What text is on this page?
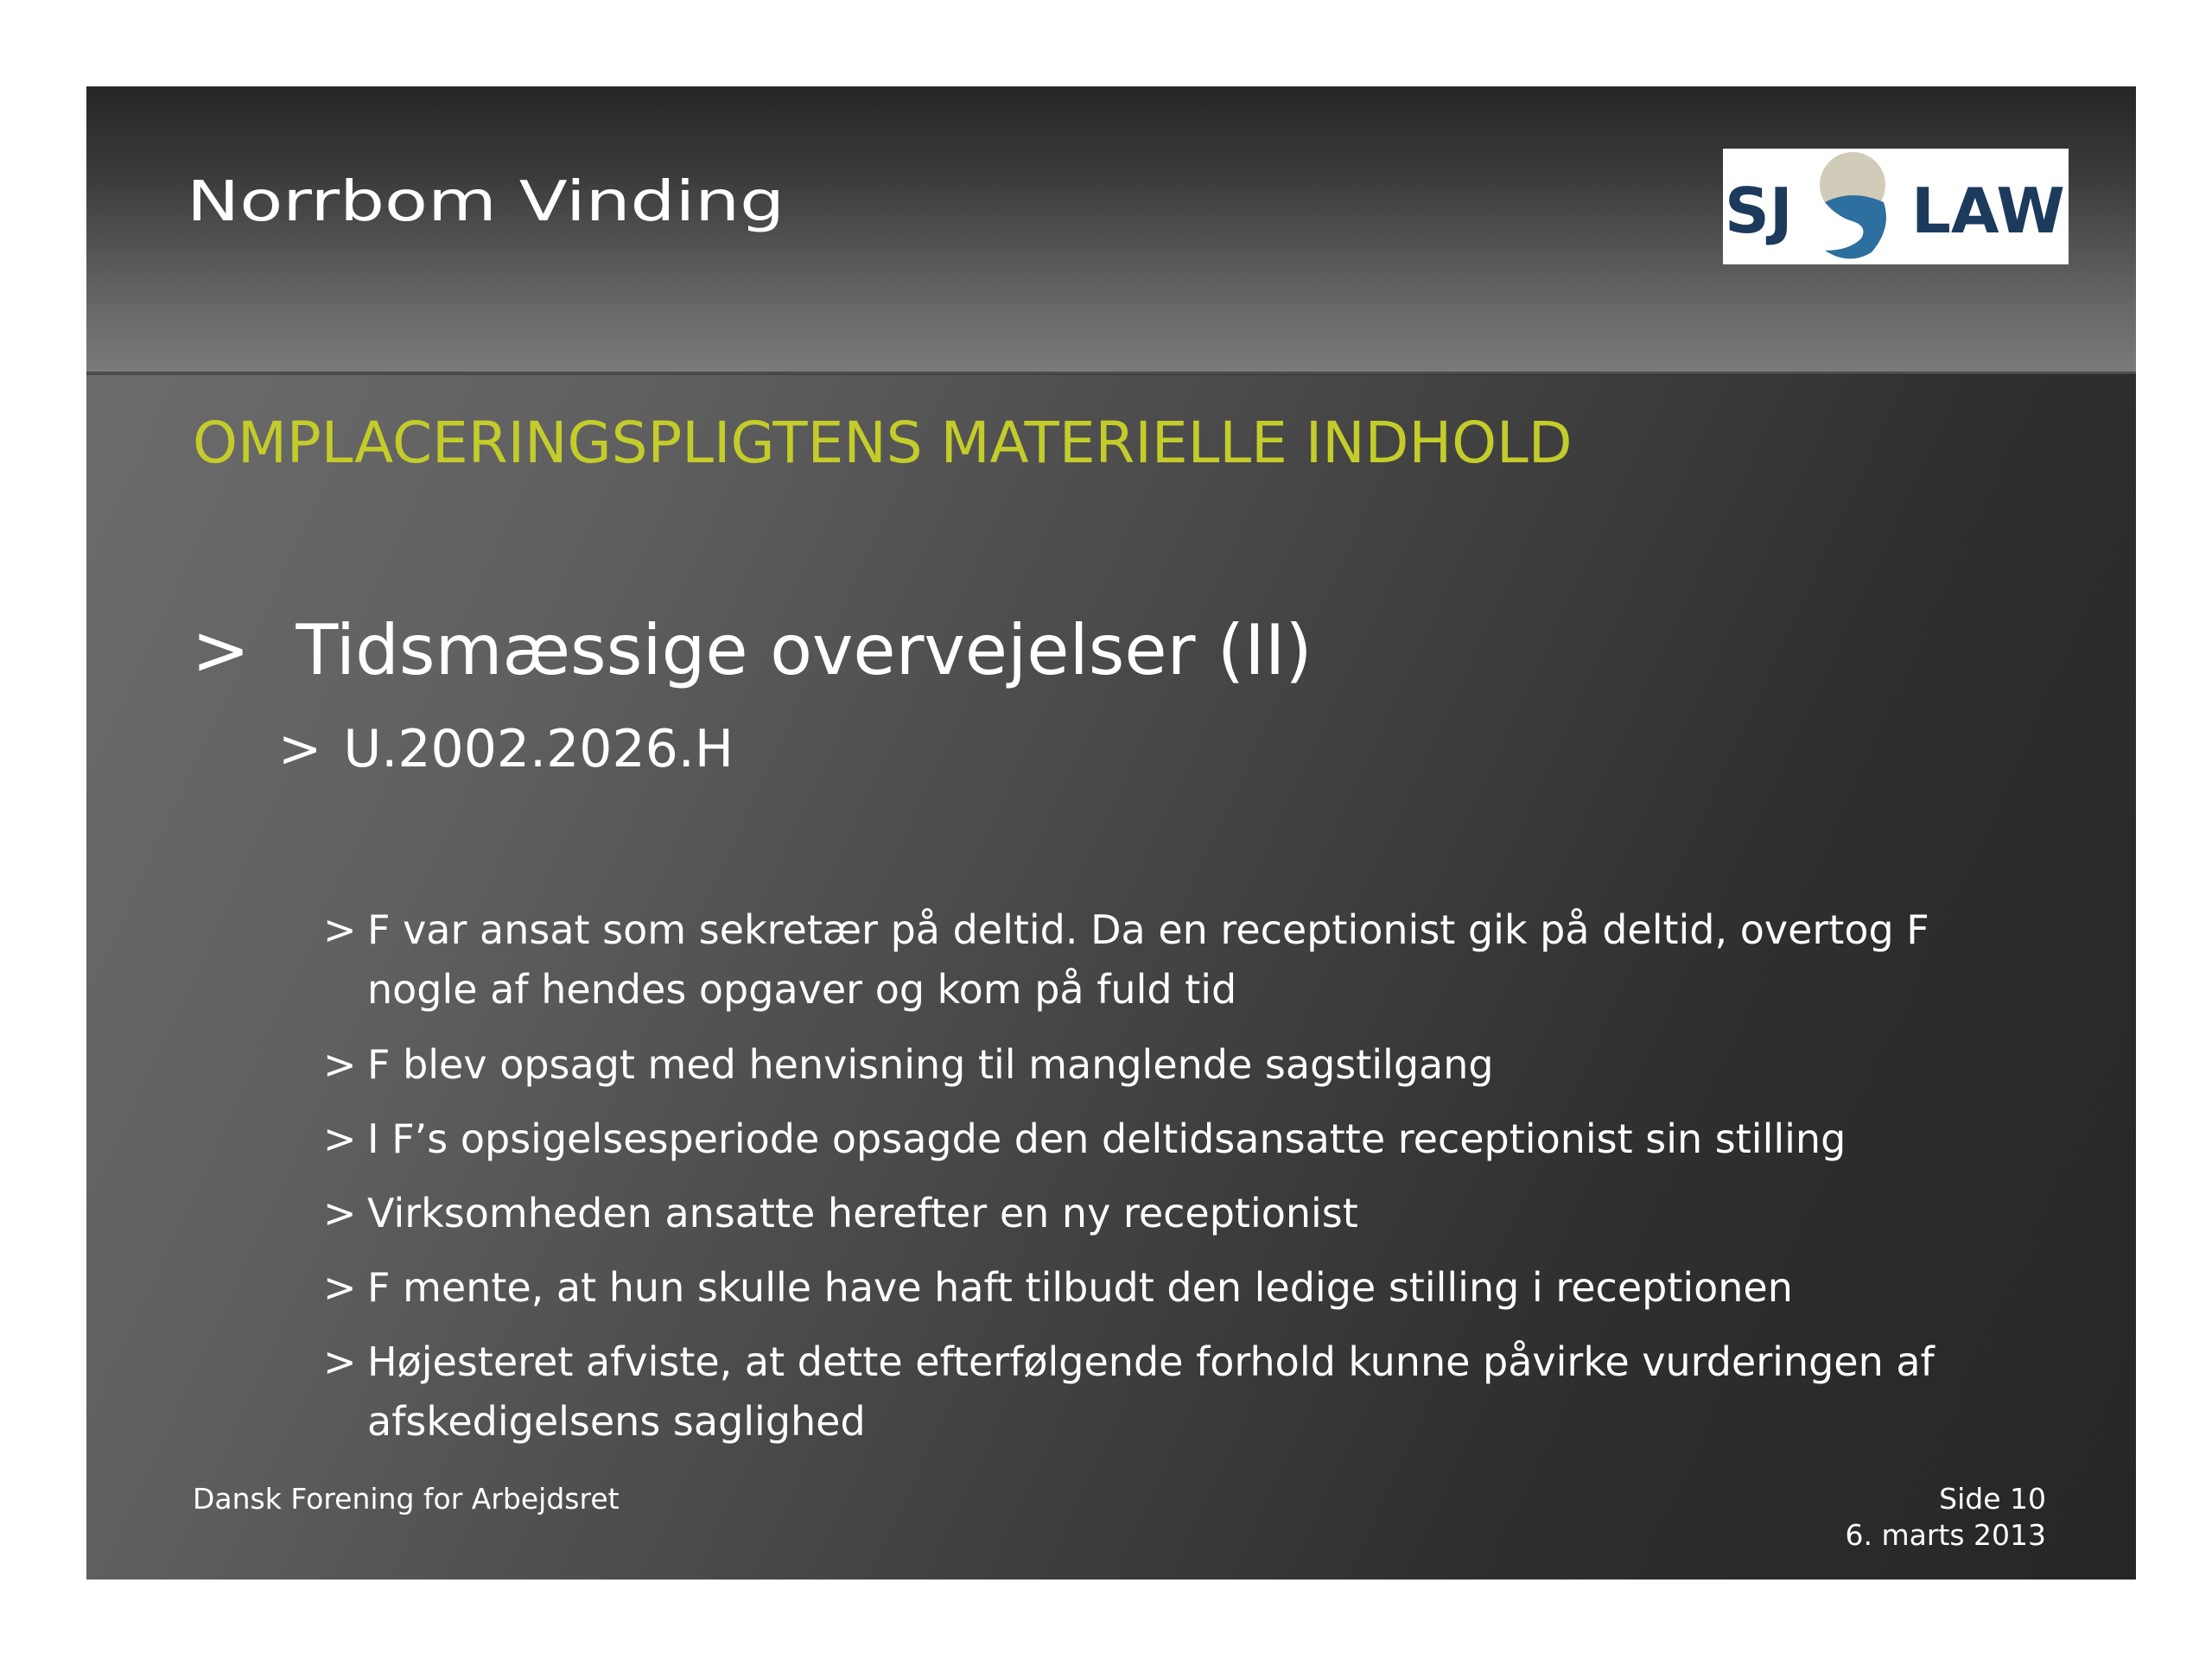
Norrbom Vinding	SJ LAW
OMPLACERINGSPLIGTENS MATERIELLE INDHOLD
> Tidsmæssige overvejelser (II)
> U.2002.2026.H
> F var ansat som sekretær på deltid. Da en receptionist gik på deltid, overtog F nogle af hendes opgaver og kom på fuld tid
> F blev opsagt med henvisning til manglende sagstilgang
> I F’s opsigelsesperiode opsagde den deltidsansatte receptionist sin stilling
> Virksomheden ansatte herefter en ny receptionist
> F mente, at hun skulle have haft tilbudt den ledige stilling i receptionen
> Højesteret afviste, at dette efterfølgende forhold kunne påvirke vurderingen af afskedigelsens saglighed
Dansk Forening for Arbejdsret	Side 10
6. marts 2013
